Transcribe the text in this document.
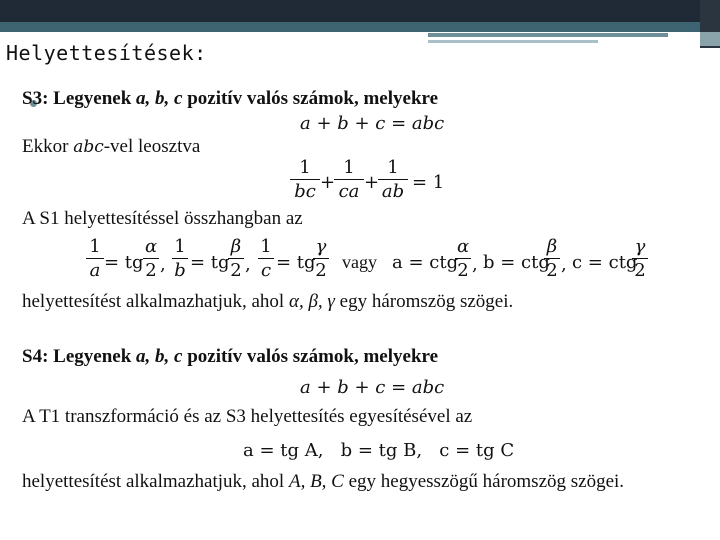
Helyettesítések:
S3: Legyenek a, b, c pozitív valós számok, melyekre
a + b + c = abc
Ekkor abc-vel leosztva
1
bc +
1
ca +
1
ab = 1
A S1 helyettesítéssel összhangban az
1
a = tg
α
2 ,
1
b = tg
β
2 ,
1
c = tg
γ
2 vagy a = ctg
α
2 , b = ctg
β
2 , c = ctg
γ
2
helyettesítést alkalmazhatjuk, ahol α, β, γ egy háromszög szögei.
S4: Legyenek a, b, c pozitív valós számok, melyekre
a + b + c = abc
A T1 transzformáció és az S3 helyettesítés egyesítésével az
a = tg A,   b = tg B,   c = tg C
helyettesítést alkalmazhatjuk, ahol A, B, C egy hegyesszögű háromszög szögei.
